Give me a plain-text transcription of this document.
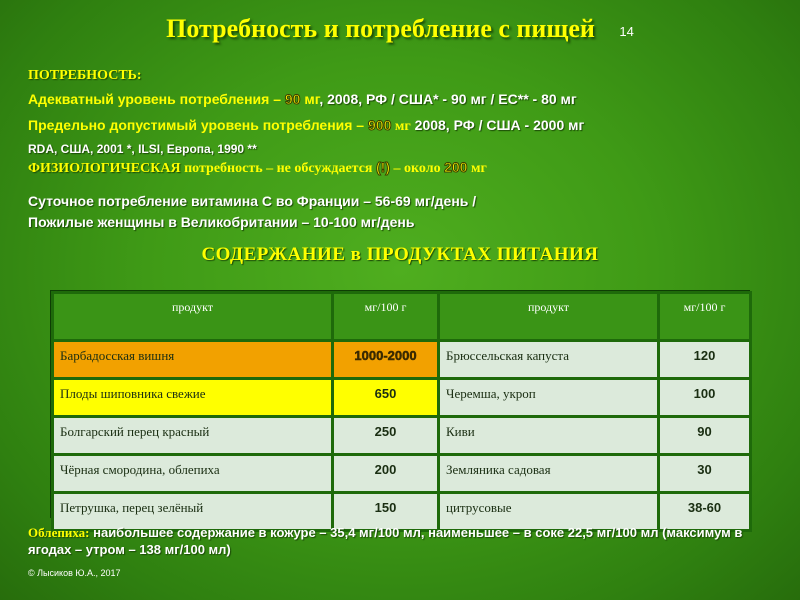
Потребность и потребление с пищей 14
ПОТРЕБНОСТЬ:
Адекватный уровень потребления – 90 мг, 2008, РФ / США* - 90 мг / ЕС** - 80 мг
Предельно допустимый уровень потребления – 900 мг 2008, РФ / США - 2000 мг
RDA, США, 2001 *, ILSI, Европа, 1990 **
ФИЗИОЛОГИЧЕСКАЯ потребность – не обсуждается (!) – около 200 мг
Суточное потребление витамина С во Франции – 56-69 мг/день /
Пожилые женщины в Великобритании – 10-100 мг/день
СОДЕРЖАНИЕ в ПРОДУКТАХ ПИТАНИЯ
продукт	мг/100 г	продукт	мг/100 г
Барбадосская вишня	1000-2000	Брюссельская капуста	120
Плоды шиповника свежие	650	Черемша, укроп	100
Болгарский перец красный	250	Киви	90
Чёрная смородина, облепиха	200	Земляника садовая	30
Петрушка, перец зелёный	150	цитрусовые	38-60
Облепиха: наибольшее содержание в кожуре – 35,4 мг/100 мл, наименьшее – в соке 22,5 мг/100 мл (максимум в ягодах – утром – 138 мг/100 мл)
© Лысиков Ю.А., 2017
